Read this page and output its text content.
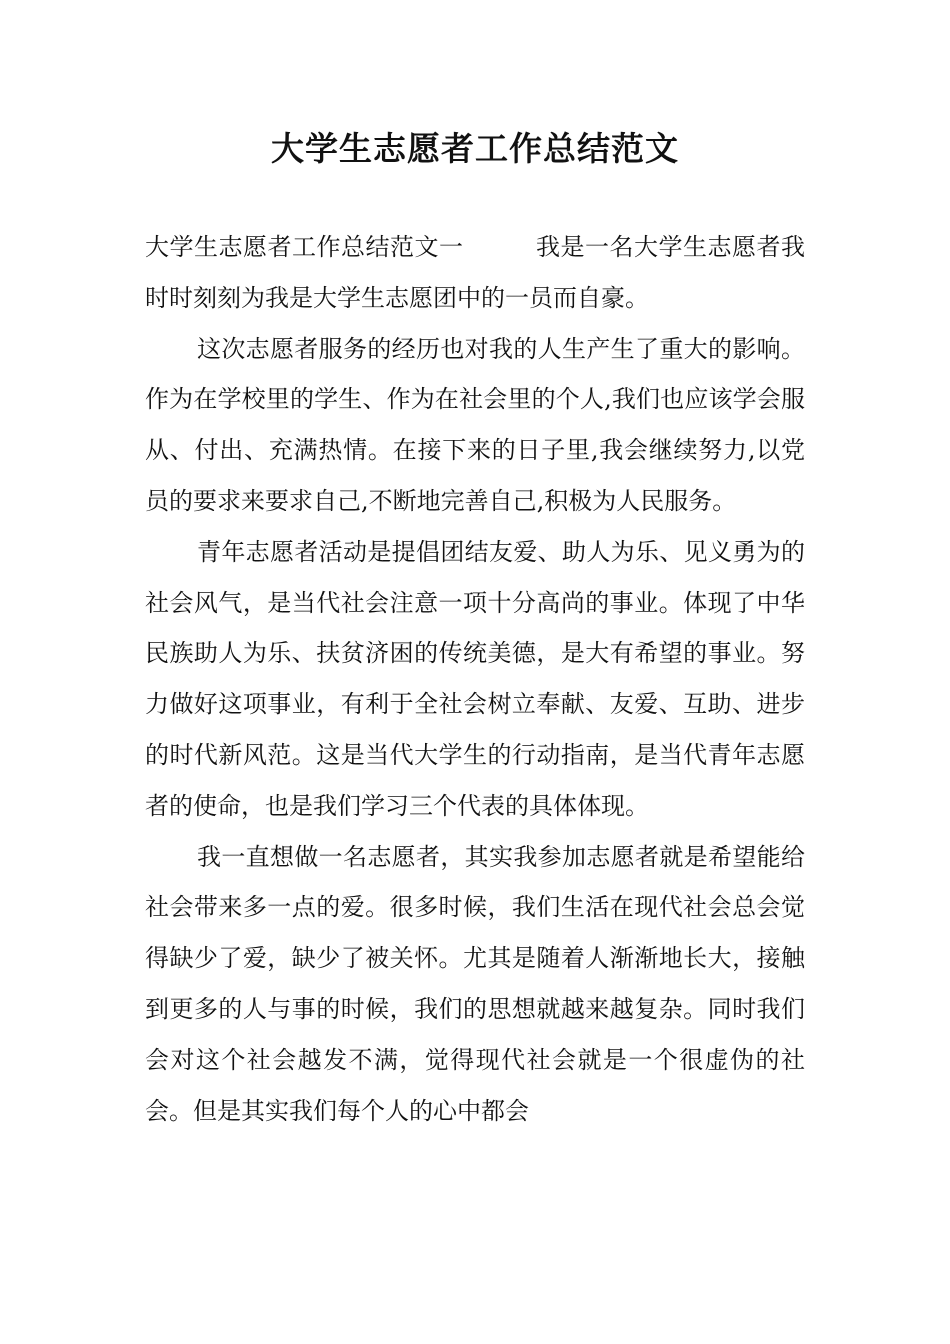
大学生志愿者工作总结范文

大学生志愿者工作总结范文一	我是一名大学生志愿者我时时刻刻为我是大学生志愿团中的一员而自豪。

这次志愿者服务的经历也对我的人生产生了重大的影响。作为在学校里的学生、作为在社会里的个人,我们也应该学会服从、付出、充满热情。在接下来的日子里,我会继续努力,以党员的要求来要求自己,不断地完善自己,积极为人民服务。

青年志愿者活动是提倡团结友爱、助人为乐、见义勇为的社会风气，是当代社会注意一项十分高尚的事业。体现了中华民族助人为乐、扶贫济困的传统美德，是大有希望的事业。努力做好这项事业，有利于全社会树立奉献、友爱、互助、进步的时代新风范。这是当代大学生的行动指南，是当代青年志愿者的使命，也是我们学习三个代表的具体体现。

我一直想做一名志愿者，其实我参加志愿者就是希望能给社会带来多一点的爱。很多时候，我们生活在现代社会总会觉得缺少了爱，缺少了被关怀。尤其是随着人渐渐地长大，接触到更多的人与事的时候，我们的思想就越来越复杂。同时我们会对这个社会越发不满，觉得现代社会就是一个很虚伪的社会。但是其实我们每个人的心中都会
